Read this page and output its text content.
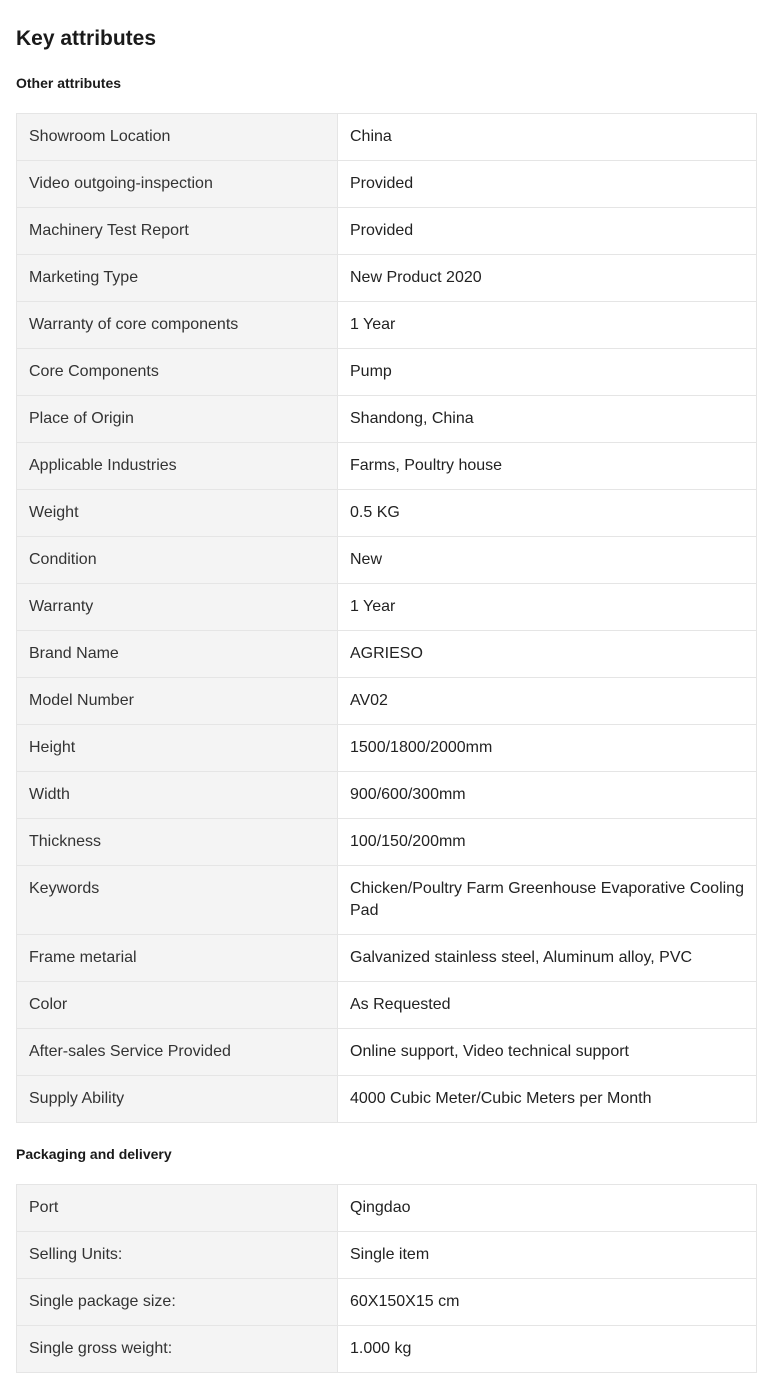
Key attributes
Other attributes
Showroom Location	China
Video outgoing-inspection	Provided
Machinery Test Report	Provided
Marketing Type	New Product 2020
Warranty of core components	1 Year
Core Components	Pump
Place of Origin	Shandong, China
Applicable Industries	Farms, Poultry house
Weight	0.5 KG
Condition	New
Warranty	1 Year
Brand Name	AGRIESO
Model Number	AV02
Height	1500/1800/2000mm
Width	900/600/300mm
Thickness	100/150/200mm
Keywords	Chicken/Poultry Farm Greenhouse Evaporative Cooling Pad
Frame metarial	Galvanized stainless steel, Aluminum alloy, PVC
Color	As Requested
After-sales Service Provided	Online support, Video technical support
Supply Ability	4000 Cubic Meter/Cubic Meters per Month
Packaging and delivery
Port	Qingdao
Selling Units:	Single item
Single package size:	60X150X15 cm
Single gross weight:	1.000 kg
